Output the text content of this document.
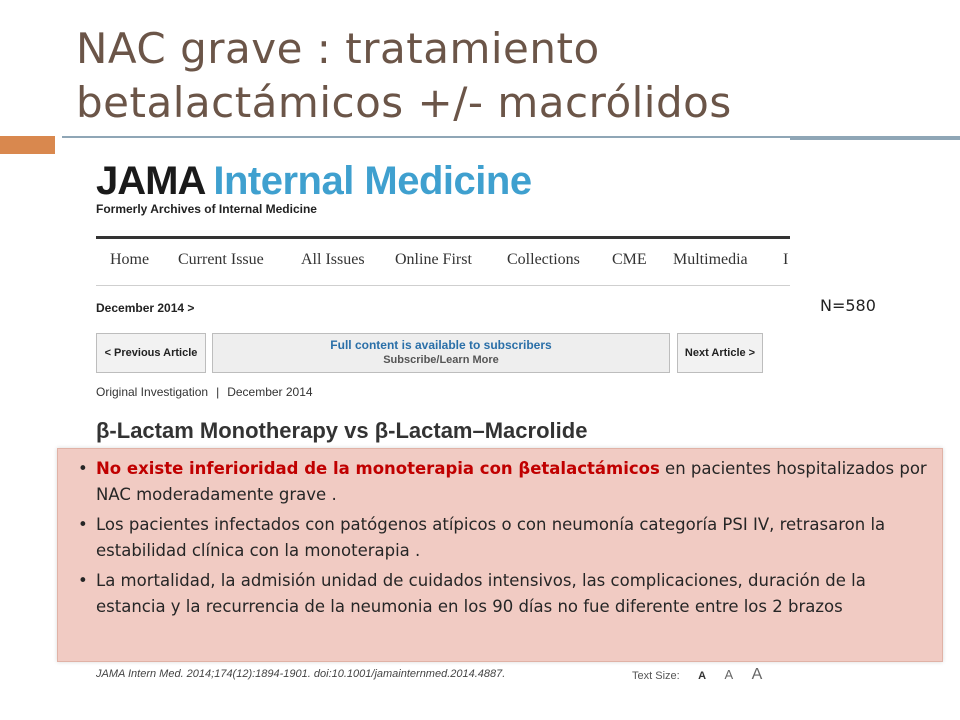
NAC grave : tratamiento
betalactámicos +/- macrólidos
JAMA Internal Medicine
Formerly Archives of Internal Medicine
Home Current Issue All Issues Online First Collections CME Multimedia I
December 2014 >
< Previous Article
Full content is available to subscribers
Subscribe/Learn More
Next Article >
Original Investigation | December 2014
β-Lactam Monotherapy vs β-Lactam–Macrolide
JAMA Intern Med. 2014;174(12):1894-1901. doi:10.1001/jamainternmed.2014.4887.	Text Size: A A A
N=580
• No existe inferioridad de la monoterapia con βetalactámicos en pacientes hospitalizados por NAC moderadamente grave .
• Los pacientes infectados con patógenos atípicos o con neumonía categoría PSI IV, retrasaron la estabilidad clínica con la monoterapia .
• La mortalidad, la admisión unidad de cuidados intensivos, las complicaciones, duración de la estancia y la recurrencia de la neumonia en los 90 días no fue diferente entre los 2 brazos
